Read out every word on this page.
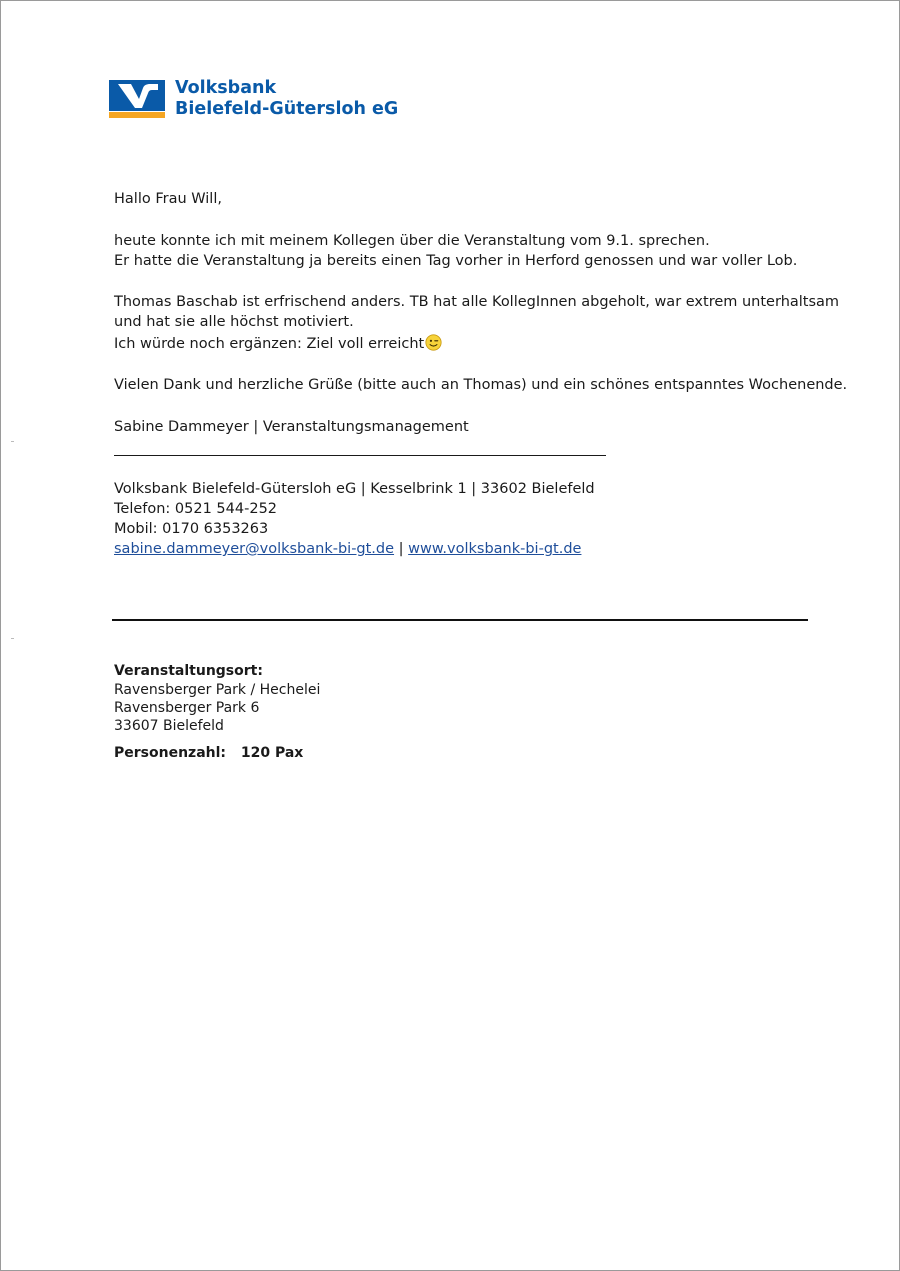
Volksbank
Bielefeld-Gütersloh eG
Hallo Frau Will,
heute konnte ich mit meinem Kollegen über die Veranstaltung vom 9.1. sprechen.
Er hatte die Veranstaltung ja bereits einen Tag vorher in Herford genossen und war voller Lob.
Thomas Baschab ist erfrischend anders. TB hat alle KollegInnen abgeholt, war extrem unterhaltsam
und hat sie alle höchst motiviert.
Ich würde noch ergänzen: Ziel voll erreicht
Vielen Dank und herzliche Grüße (bitte auch an Thomas) und ein schönes entspanntes Wochenende.
Sabine Dammeyer | Veranstaltungsmanagement
Volksbank Bielefeld-Gütersloh eG | Kesselbrink 1 | 33602 Bielefeld
Telefon: 0521 544-252
Mobil: 0170 6353263
sabine.dammeyer@volksbank-bi-gt.de | www.volksbank-bi-gt.de
Veranstaltungsort:
Ravensberger Park / Hechelei
Ravensberger Park 6
33607 Bielefeld
Personenzahl: 120 Pax
